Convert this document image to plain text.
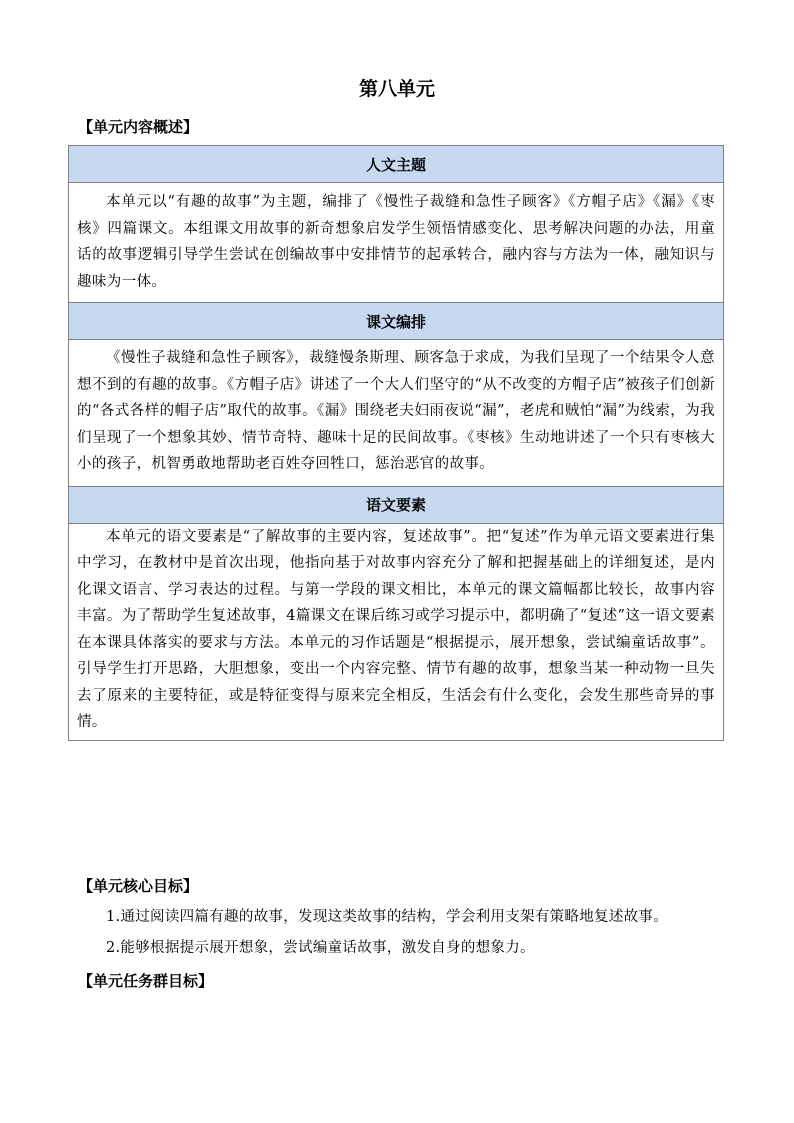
第八单元
【单元内容概述】
人文主题

本单元以“有趣的故事”为主题，编排了《慢性子裁缝和急性子顾客》《方帽子店》《漏》《枣核》四篇课文。本组课文用故事的新奇想象启发学生领悟情感变化、思考解决问题的办法，用童话的故事逻辑引导学生尝试在创编故事中安排情节的起承转合，融内容与方法为一体，融知识与趣味为一体。

课文编排

《慢性子裁缝和急性子顾客》，裁缝慢条斯理、顾客急于求成，为我们呈现了一个结果令人意想不到的有趣的故事。《方帽子店》讲述了一个大人们坚守的“从不改变的方帽子店”被孩子们创新的“各式各样的帽子店”取代的故事。《漏》围绕老夫妇雨夜说“漏”，老虎和贼怕“漏”为线索，为我们呈现了一个想象其妙、情节奇特、趣味十足的民间故事。《枣核》生动地讲述了一个只有枣核大小的孩子，机智勇敢地帮助老百姓夺回牲口，惩治恶官的故事。

语文要素

本单元的语文要素是“了解故事的主要内容，复述故事”。把“复述”作为单元语文要素进行集中学习，在教材中是首次出现，他指向基于对故事内容充分了解和把握基础上的详细复述，是内化课文语言、学习表达的过程。与第一学段的课文相比，本单元的课文篇幅都比较长，故事内容丰富。为了帮助学生复述故事，4篇课文在课后练习或学习提示中，都明确了“复述”这一语文要素在本课具体落实的要求与方法。本单元的习作话题是“根据提示，展开想象，尝试编童话故事”。引导学生打开思路，大胆想象，变出一个内容完整、情节有趣的故事，想象当某一种动物一旦失去了原来的主要特征，或是特征变得与原来完全相反，生活会有什么变化，会发生那些奇异的事情。

【单元核心目标】
1.通过阅读四篇有趣的故事，发现这类故事的结构，学会利用支架有策略地复述故事。
2.能够根据提示展开想象，尝试编童话故事，激发自身的想象力。
【单元任务群目标】
